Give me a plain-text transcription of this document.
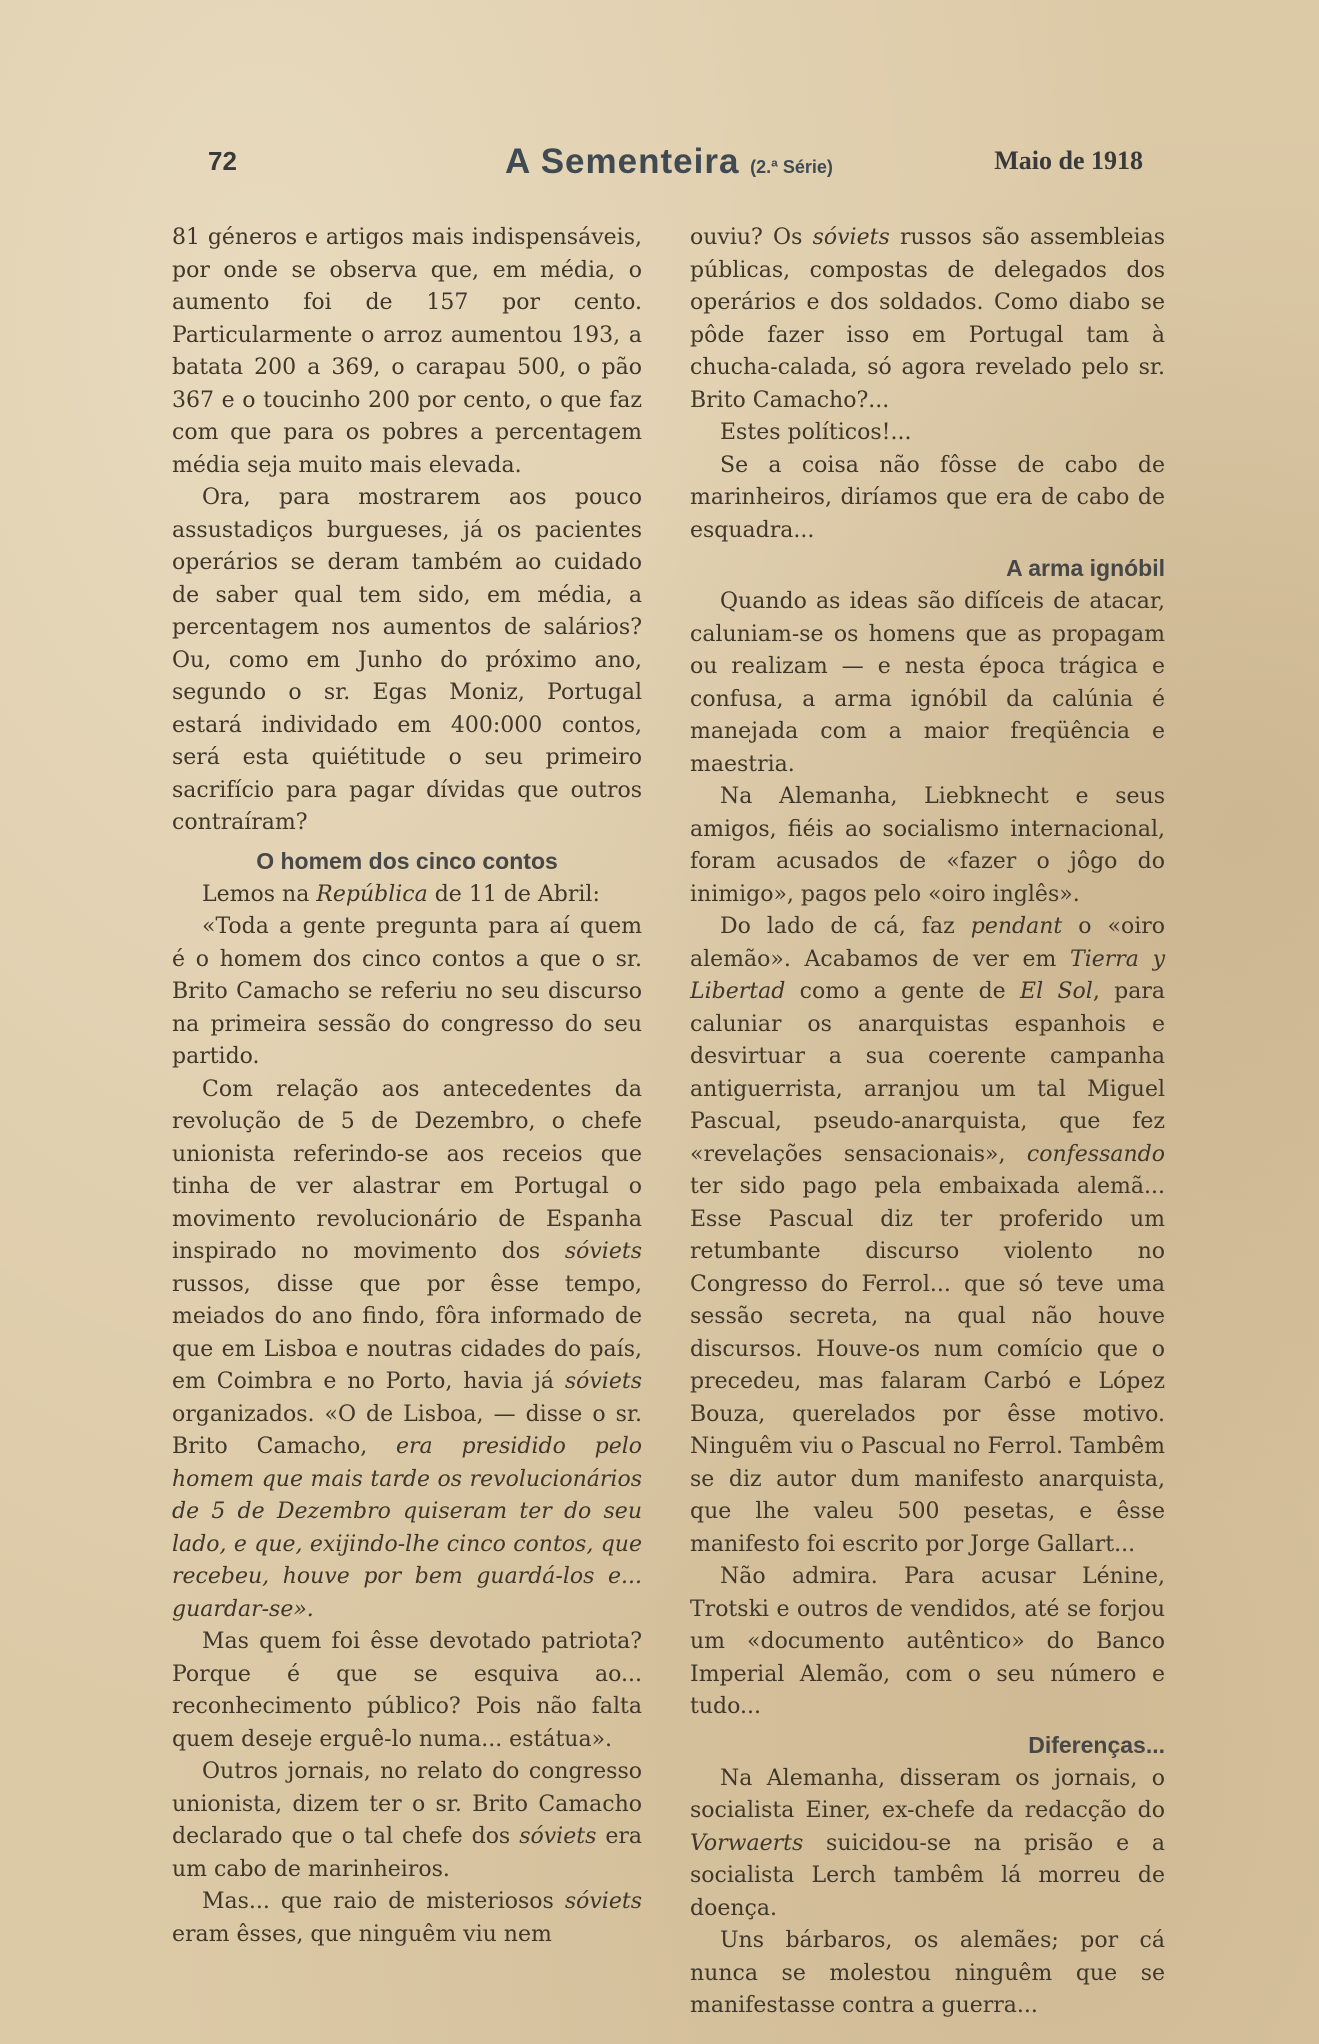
72	A Sementeira (2.ª Série)	Maio de 1918

81 géneros e artigos mais indispensáveis, por onde se observa que, em média, o aumento foi de 157 por cento. Particularmente o arroz aumentou 193, a batata 200 a 369, o carapau 500, o pão 367 e o toucinho 200 por cento, o que faz com que para os pobres a percentagem média seja muito mais elevada.

Ora, para mostrarem aos pouco assustadiços burgueses, já os pacientes operários se deram também ao cuidado de saber qual tem sido, em média, a percentagem nos aumentos de salários? Ou, como em Junho do próximo ano, segundo o sr. Egas Moniz, Portugal estará individado em 400:000 contos, será esta quiétitude o seu primeiro sacrifício para pagar dívidas que outros contraíram?

O homem dos cinco contos

Lemos na República de 11 de Abril:

«Toda a gente pregunta para aí quem é o homem dos cinco contos a que o sr. Brito Camacho se referiu no seu discurso na primeira sessão do congresso do seu partido.

Com relação aos antecedentes da revolução de 5 de Dezembro, o chefe unionista referindo-se aos receios que tinha de ver alastrar em Portugal o movimento revolucionário de Espanha inspirado no movimento dos sóviets russos, disse que por êsse tempo, meiados do ano findo, fôra informado de que em Lisboa e noutras cidades do país, em Coimbra e no Porto, havia já sóviets organizados. «O de Lisboa, — disse o sr. Brito Camacho, era presidido pelo homem que mais tarde os revolucionários de 5 de Dezembro quiseram ter do seu lado, e que, exijindo-lhe cinco contos, que recebeu, houve por bem guardá-los e... guardar-se».

Mas quem foi êsse devotado patriota? Porque é que se esquiva ao... reconhecimento público? Pois não falta quem deseje erguê-lo numa... estátua».

Outros jornais, no relato do congresso unionista, dizem ter o sr. Brito Camacho declarado que o tal chefe dos sóviets era um cabo de marinheiros.

Mas... que raio de misteriosos sóviets eram êsses, que ninguêm viu nem

ouviu? Os sóviets russos são assembleias públicas, compostas de delegados dos operários e dos soldados. Como diabo se pôde fazer isso em Portugal tam à chucha-calada, só agora revelado pelo sr. Brito Camacho?...

Estes políticos!...

Se a coisa não fôsse de cabo de marinheiros, diríamos que era de cabo de esquadra...

A arma ignóbil

Quando as ideas são difíceis de atacar, caluniam-se os homens que as propagam ou realizam — e nesta época trágica e confusa, a arma ignóbil da calúnia é manejada com a maior freqüência e maestria.

Na Alemanha, Liebknecht e seus amigos, fiéis ao socialismo internacional, foram acusados de «fazer o jôgo do inimigo», pagos pelo «oiro inglês».

Do lado de cá, faz pendant o «oiro alemão». Acabamos de ver em Tierra y Libertad como a gente de El Sol, para caluniar os anarquistas espanhois e desvirtuar a sua coerente campanha antiguerrista, arranjou um tal Miguel Pascual, pseudo-anarquista, que fez «revelações sensacionais», confessando ter sido pago pela embaixada alemã... Esse Pascual diz ter proferido um retumbante discurso violento no Congresso do Ferrol... que só teve uma sessão secreta, na qual não houve discursos. Houve-os num comício que o precedeu, mas falaram Carbó e López Bouza, querelados por êsse motivo. Ninguêm viu o Pascual no Ferrol. Tambêm se diz autor dum manifesto anarquista, que lhe valeu 500 pesetas, e êsse manifesto foi escrito por Jorge Gallart...

Não admira. Para acusar Lénine, Trotski e outros de vendidos, até se forjou um «documento autêntico» do Banco Imperial Alemão, com o seu número e tudo...

Diferenças...

Na Alemanha, disseram os jornais, o socialista Einer, ex-chefe da redacção do Vorwaerts suicidou-se na prisão e a socialista Lerch tambêm lá morreu de doença.

Uns bárbaros, os alemães; por cá nunca se molestou ninguêm que se manifestasse contra a guerra...
